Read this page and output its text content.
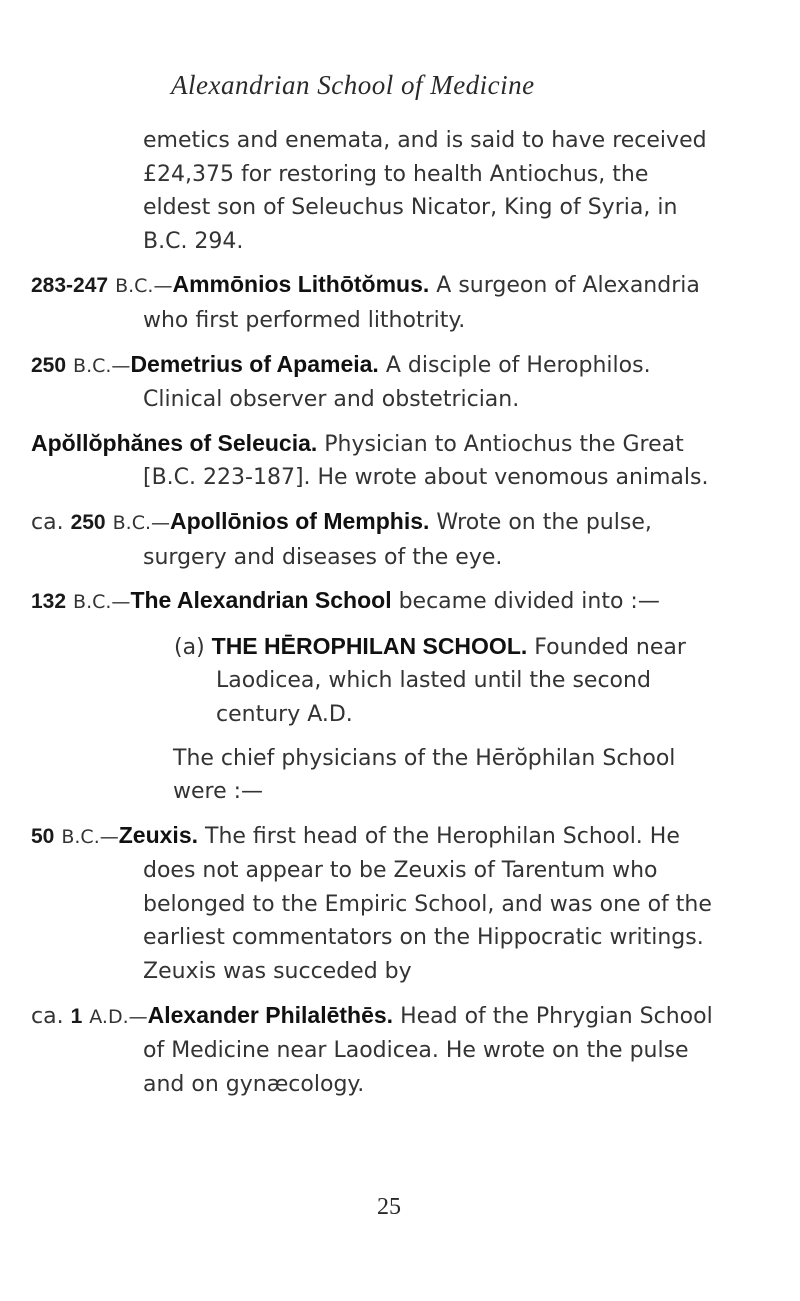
Alexandrian School of Medicine

emetics and enemata, and is said to have received £24,375 for restoring to health Antiochus, the eldest son of Seleuchus Nicator, King of Syria, in B.C. 294.

283-247 B.C.—Ammōnios Lithōtŏmus. A surgeon of Alexandria who first performed lithotrity.

250 B.C.—Demetrius of Apameia. A disciple of Herophilos. Clinical observer and obstetrician.

Apŏllŏphănes of Seleucia. Physician to Antiochus the Great [B.C. 223-187]. He wrote about venomous animals.

ca. 250 B.C.—Apollōnios of Memphis. Wrote on the pulse, surgery and diseases of the eye.

132 B.C.—The Alexandrian School became divided into :—

(a) THE HĒROPHILAN SCHOOL. Founded near Laodicea, which lasted until the second century A.D.

The chief physicians of the Hērŏphilan School were :—

50 B.C.—Zeuxis. The first head of the Herophilan School. He does not appear to be Zeuxis of Tarentum who belonged to the Empiric School, and was one of the earliest commentators on the Hippocratic writings. Zeuxis was succeded by

ca. 1 A.D.—Alexander Philalēthēs. Head of the Phrygian School of Medicine near Laodicea. He wrote on the pulse and on gynæcology.

25
